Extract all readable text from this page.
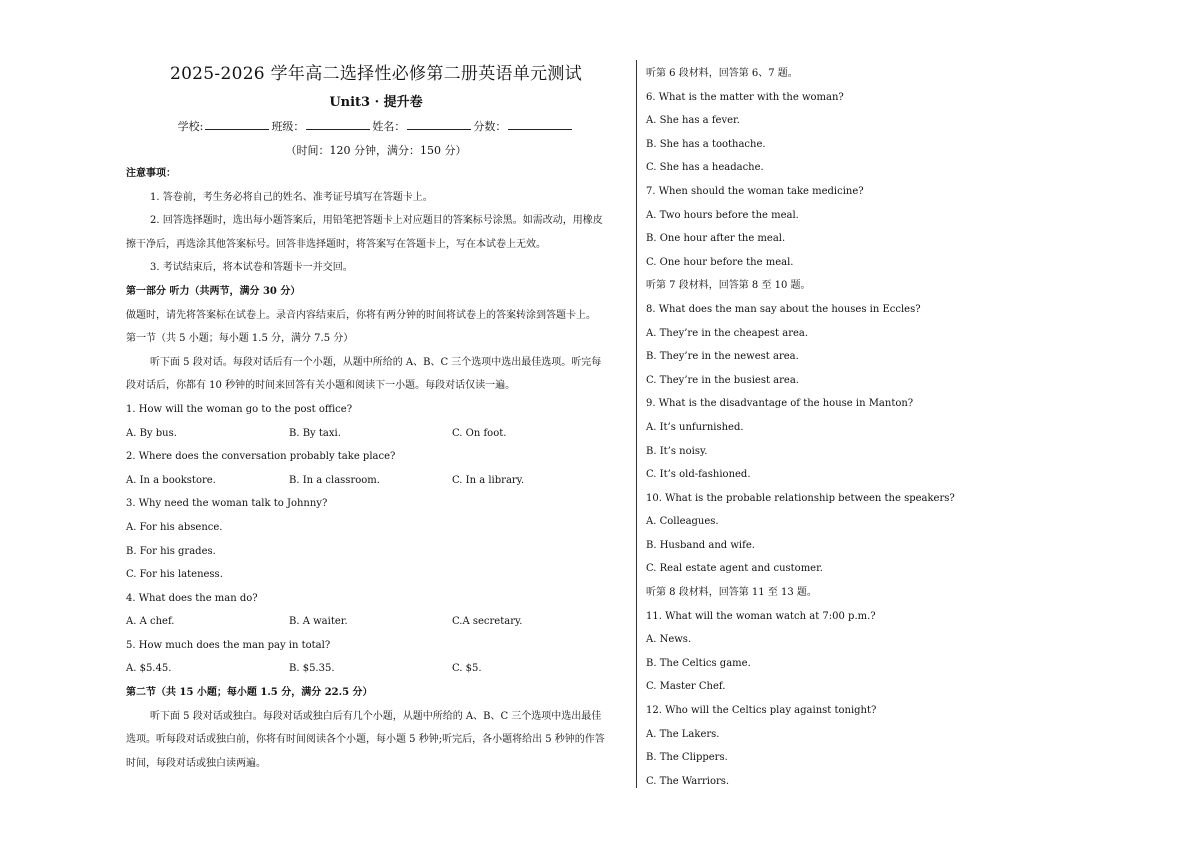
2025-2026 学年高二选择性必修第二册英语单元测试
Unit3 · 提升卷
学校:	班级：	姓名：	分数：
（时间：120 分钟，满分：150 分）
注意事项：
1. 答卷前，考生务必将自己的姓名、准考证号填写在答题卡上。
2. 回答选择题时，选出每小题答案后，用铅笔把答题卡上对应题目的答案标号涂黑。如需改动，用橡皮
擦干净后，再选涂其他答案标号。回答非选择题时，将答案写在答题卡上，写在本试卷上无效。
3. 考试结束后，将本试卷和答题卡一并交回。
第一部分 听力（共两节，满分 30 分）
做题时，请先将答案标在试卷上。录音内容结束后，你将有两分钟的时间将试卷上的答案转涂到答题卡上。
第一节（共 5 小题；每小题 1.5 分，满分 7.5 分）
听下面 5 段对话。每段对话后有一个小题，从题中所给的 A、B、C 三个选项中选出最佳选项。听完每
段对话后，你都有 10 秒钟的时间来回答有关小题和阅读下一小题。每段对话仅读一遍。
1. How will the woman go to the post office?
A. By bus.	B. By taxi.	C. On foot.
2. Where does the conversation probably take place?
A. In a bookstore.	B. In a classroom.	C. In a library.
3. Why need the woman talk to Johnny?
A. For his absence.
B. For his grades.
C. For his lateness.
4. What does the man do?
A. A chef.	B. A waiter.	C.A secretary.
5. How much does the man pay in total?
A. $5.45.	B. $5.35.	C. $5.
第二节（共 15 小题；每小题 1.5 分，满分 22.5 分）
听下面 5 段对话或独白。每段对话或独白后有几个小题，从题中所给的 A、B、C 三个选项中选出最佳
选项。听每段对话或独白前，你将有时间阅读各个小题，每小题 5 秒钟;听完后，各小题将给出 5 秒钟的作答
时间，每段对话或独白读两遍。
听第 6 段材料，回答第 6、7 题。
6. What is the matter with the woman?
A. She has a fever.
B. She has a toothache.
C. She has a headache.
7. When should the woman take medicine?
A. Two hours before the meal.
B. One hour after the meal.
C. One hour before the meal.
听第 7 段材料，回答第 8 至 10 题。
8. What does the man say about the houses in Eccles?
A. They’re in the cheapest area.
B. They’re in the newest area.
C. They’re in the busiest area.
9. What is the disadvantage of the house in Manton?
A. It’s unfurnished.
B. It’s noisy.
C. It’s old-fashioned.
10. What is the probable relationship between the speakers?
A. Colleagues.
B. Husband and wife.
C. Real estate agent and customer.
听第 8 段材料，回答第 11 至 13 题。
11. What will the woman watch at 7:00 p.m.?
A. News.
B. The Celtics game.
C. Master Chef.
12. Who will the Celtics play against tonight?
A. The Lakers.
B. The Clippers.
C. The Warriors.
